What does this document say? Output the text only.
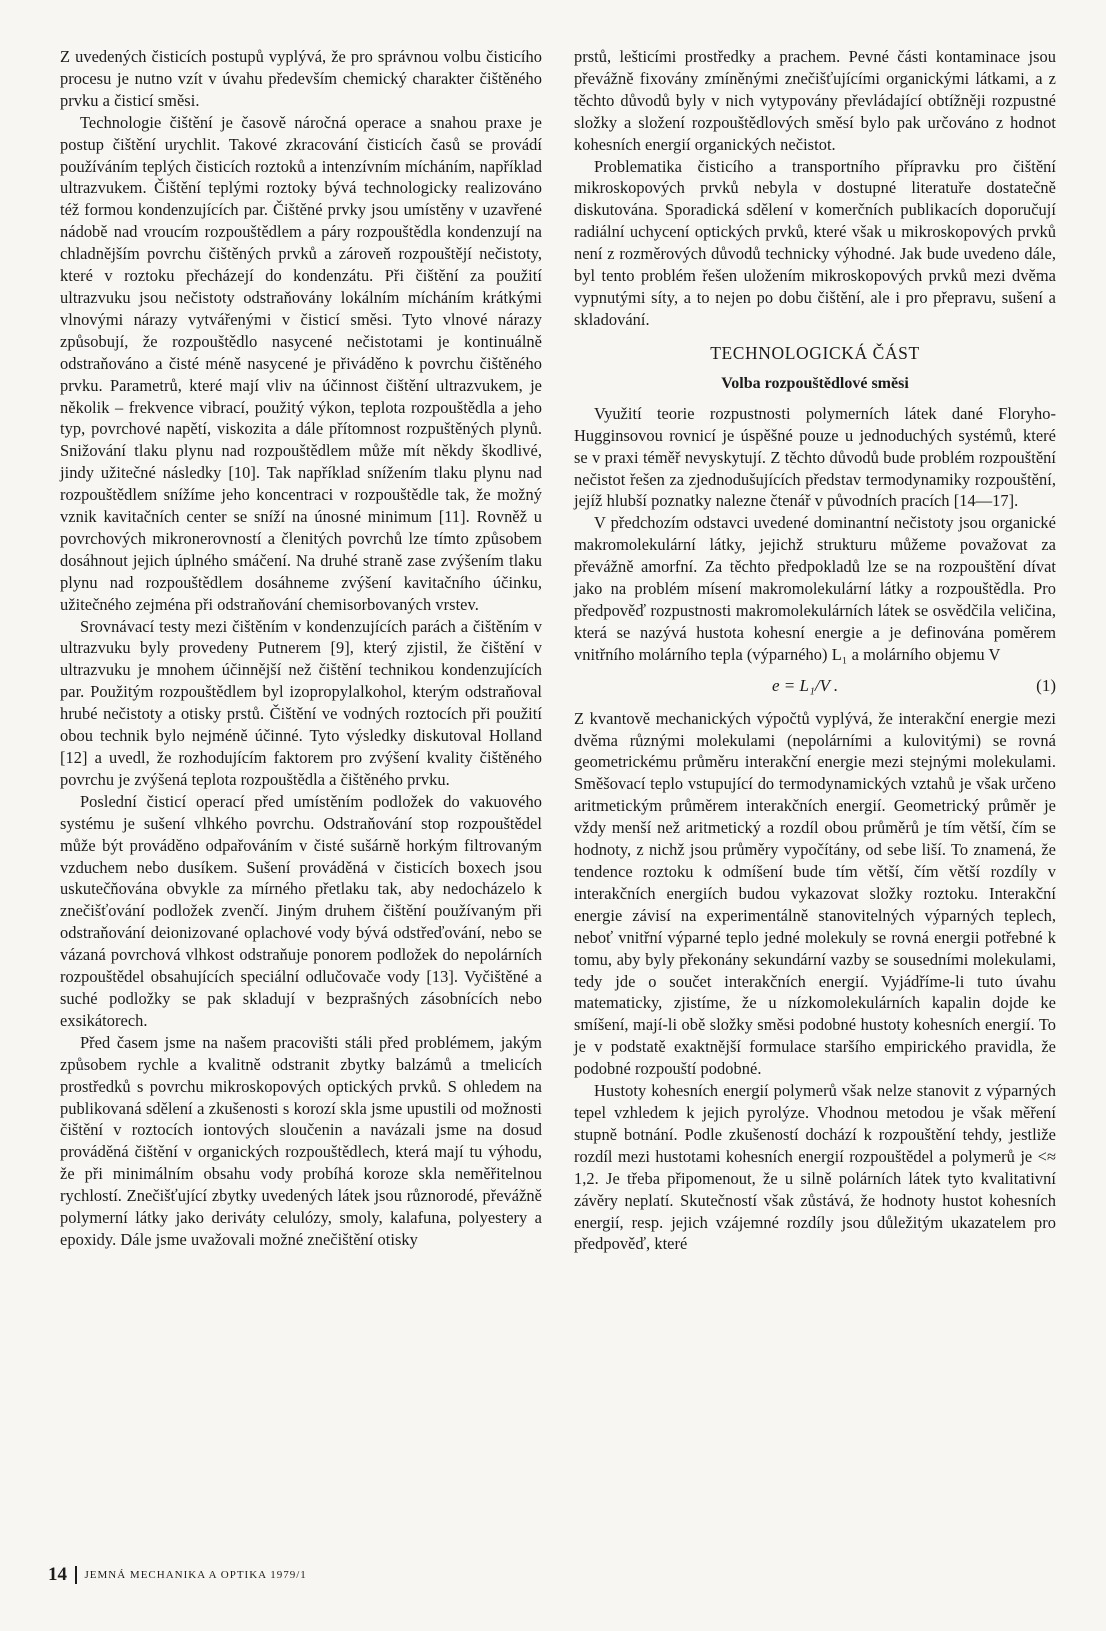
Z uvedených čisticích postupů vyplývá, že pro správnou volbu čisticího procesu je nutno vzít v úvahu především chemický charakter čištěného prvku a čisticí směsi.

Technologie čištění je časově náročná operace a snahou praxe je postup čištění urychlit. Takové zkracování čisticích časů se provádí používáním teplých čisticích roztoků a intenzívním mícháním, například ultrazvukem. Čištění teplými roztoky bývá technologicky realizováno též formou kondenzujících par. Čištěné prvky jsou umístěny v uzavřené nádobě nad vroucím rozpouštědlem a páry rozpouštědla kondenzují na chladnějším povrchu čištěných prvků a zároveň rozpouštějí nečistoty, které v roztoku přecházejí do kondenzátu. Při čištění za použití ultrazvuku jsou nečistoty odstraňovány lokálním mícháním krátkými vlnovými nárazy vytvářenými v čisticí směsi. Tyto vlnové nárazy způsobují, že rozpouštědlo nasycené nečistotami je kontinuálně odstraňováno a čisté méně nasycené je přiváděno k povrchu čištěného prvku. Parametrů, které mají vliv na účinnost čištění ultrazvukem, je několik – frekvence vibrací, použitý výkon, teplota rozpouštědla a jeho typ, povrchové napětí, viskozita a dále přítomnost rozpuštěných plynů. Snižování tlaku plynu nad rozpouštědlem může mít někdy škodlivé, jindy užitečné následky [10]. Tak například snížením tlaku plynu nad rozpouštědlem snížíme jeho koncentraci v rozpouštědle tak, že možný vznik kavitačních center se sníží na únosné minimum [11]. Rovněž u povrchových mikronerovností a členitých povrchů lze tímto způsobem dosáhnout jejich úplného smáčení. Na druhé straně zase zvýšením tlaku plynu nad rozpouštědlem dosáhneme zvýšení kavitačního účinku, užitečného zejména při odstraňování chemisorbovaných vrstev.

Srovnávací testy mezi čištěním v kondenzujících parách a čištěním v ultrazvuku byly provedeny Putnerem [9], který zjistil, že čištění v ultrazvuku je mnohem účinnější než čištění technikou kondenzujících par. Použitým rozpouštědlem byl izopropylalkohol, kterým odstraňoval hrubé nečistoty a otisky prstů. Čištění ve vodných roztocích při použití obou technik bylo nejméně účinné. Tyto výsledky diskutoval Holland [12] a uvedl, že rozhodujícím faktorem pro zvýšení kvality čištěného povrchu je zvýšená teplota rozpouštědla a čištěného prvku.

Poslední čisticí operací před umístěním podložek do vakuového systému je sušení vlhkého povrchu. Odstraňování stop rozpouštědel může být prováděno odpařováním v čisté sušárně horkým filtrovaným vzduchem nebo dusíkem. Sušení prováděná v čisticích boxech jsou uskutečňována obvykle za mírného přetlaku tak, aby nedocházelo k znečišťování podložek zvenčí. Jiným druhem čištění používaným při odstraňování deionizované oplachové vody bývá odstřeďování, nebo se vázaná povrchová vlhkost odstraňuje ponorem podložek do nepolárních rozpouštědel obsahujících speciální odlučovače vody [13]. Vyčištěné a suché podložky se pak skladují v bezprašných zásobnících nebo exsikátorech.

Před časem jsme na našem pracovišti stáli před problémem, jakým způsobem rychle a kvalitně odstranit zbytky balzámů a tmelicích prostředků s povrchu mikroskopových optických prvků. S ohledem na publikovaná sdělení a zkušenosti s korozí skla jsme upustili od možnosti čištění v roztocích iontových sloučenin a navázali jsme na dosud prováděná čištění v organických rozpouštědlech, která mají tu výhodu, že při minimálním obsahu vody probíhá koroze skla neměřitelnou rychlostí. Znečišťující zbytky uvedených látek jsou různorodé, převážně polymerní látky jako deriváty celulózy, smoly, kalafuna, polyestery a epoxidy. Dále jsme uvažovali možné znečištění otisky

prstů, lešticími prostředky a prachem. Pevné části kontaminace jsou převážně fixovány zmíněnými znečišťujícími organickými látkami, a z těchto důvodů byly v nich vytypovány převládající obtížněji rozpustné složky a složení rozpouštědlových směsí bylo pak určováno z hodnot kohesních energií organických nečistot.

Problematika čisticího a transportního přípravku pro čištění mikroskopových prvků nebyla v dostupné literatuře dostatečně diskutována. Sporadická sdělení v komerčních publikacích doporučují radiální uchycení optických prvků, které však u mikroskopových prvků není z rozměrových důvodů technicky výhodné. Jak bude uvedeno dále, byl tento problém řešen uložením mikroskopových prvků mezi dvěma vypnutými síty, a to nejen po dobu čištění, ale i pro přepravu, sušení a skladování.

TECHNOLOGICKÁ ČÁST
Volba rozpouštědlové směsi

Využití teorie rozpustnosti polymerních látek dané Floryho-Hugginsovou rovnicí je úspěšné pouze u jednoduchých systémů, které se v praxi téměř nevyskytují. Z těchto důvodů bude problém rozpouštění nečistot řešen za zjednodušujících představ termodynamiky rozpouštění, jejíž hlubší poznatky nalezne čtenář v původních pracích [14—17].

V předchozím odstavci uvedené dominantní nečistoty jsou organické makromolekulární látky, jejichž strukturu můžeme považovat za převážně amorfní. Za těchto předpokladů lze se na rozpouštění dívat jako na problém mísení makromolekulární látky a rozpouštědla. Pro předpověď rozpustnosti makromolekulárních látek se osvědčila veličina, která se nazývá hustota kohesní energie a je definována poměrem vnitřního molárního tepla (výparného) L₁ a molárního objemu V

e = L₁/V .	(1)

Z kvantově mechanických výpočtů vyplývá, že interakční energie mezi dvěma různými molekulami (nepolárními a kulovitými) se rovná geometrickému průměru interakční energie mezi stejnými molekulami. Směšovací teplo vstupující do termodynamických vztahů je však určeno aritmetickým průměrem interakčních energií. Geometrický průměr je vždy menší než aritmetický a rozdíl obou průměrů je tím větší, čím se hodnoty, z nichž jsou průměry vypočítány, od sebe liší. To znamená, že tendence roztoku k odmíšení bude tím větší, čím větší rozdíly v interakčních energiích budou vykazovat složky roztoku. Interakční energie závisí na experimentálně stanovitelných výparných teplech, neboť vnitřní výparné teplo jedné molekuly se rovná energii potřebné k tomu, aby byly překonány sekundární vazby se sousedními molekulami, tedy jde o součet interakčních energií. Vyjádříme-li tuto úvahu matematicky, zjistíme, že u nízkomolekulárních kapalin dojde ke smíšení, mají-li obě složky směsi podobné hustoty kohesních energií. To je v podstatě exaktnější formulace staršího empirického pravidla, že podobné rozpouští podobné.

Hustoty kohesních energií polymerů však nelze stanovit z výparných tepel vzhledem k jejich pyrolýze. Vhodnou metodou je však měření stupně botnání. Podle zkušeností dochází k rozpouštění tehdy, jestliže rozdíl mezi hustotami kohesních energií rozpouštědel a polymerů je <≈ 1,2. Je třeba připomenout, že u silně polárních látek tyto kvalitativní závěry neplatí. Skutečností však zůstává, že hodnoty hustot kohesních energií, resp. jejich vzájemné rozdíly jsou důležitým ukazatelem pro předpověď, které

14 JEMNÁ MECHANIKA A OPTIKA 1979/1
